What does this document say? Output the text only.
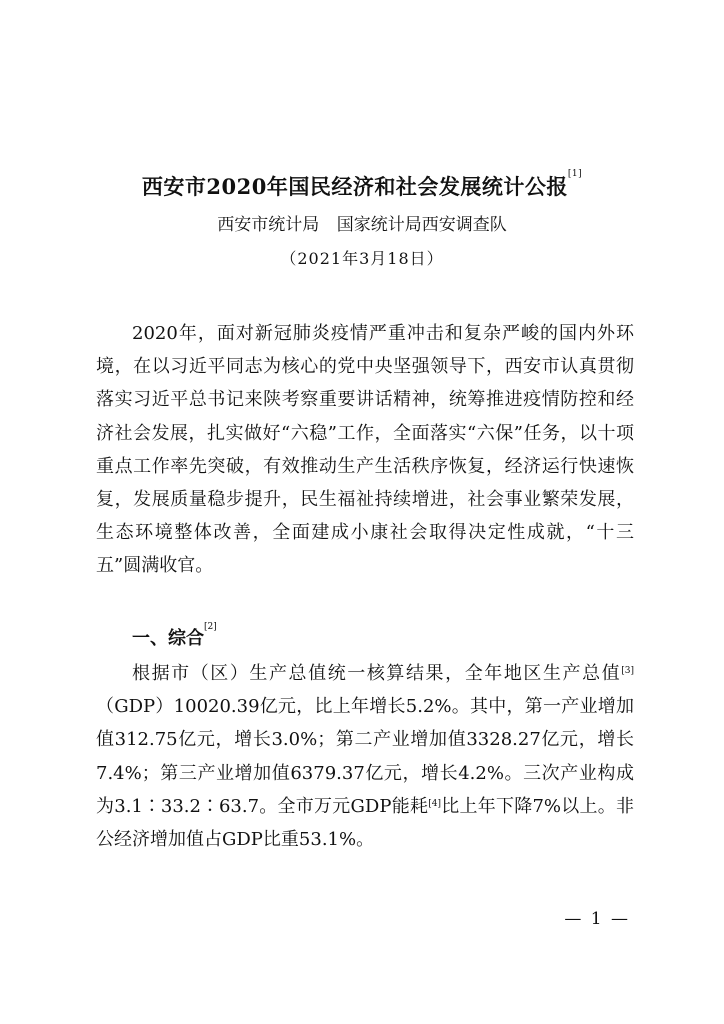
西安市2020年国民经济和社会发展统计公报[1]
西安市统计局 国家统计局西安调查队
（2021年3月18日）

2020年，面对新冠肺炎疫情严重冲击和复杂严峻的国内外环境，在以习近平同志为核心的党中央坚强领导下，西安市认真贯彻落实习近平总书记来陕考察重要讲话精神，统筹推进疫情防控和经济社会发展，扎实做好“六稳”工作，全面落实“六保”任务，以十项重点工作率先突破，有效推动生产生活秩序恢复，经济运行快速恢复，发展质量稳步提升，民生福祉持续增进，社会事业繁荣发展，生态环境整体改善，全面建成小康社会取得决定性成就，“十三五”圆满收官。

一、综合[2]

根据市（区）生产总值统一核算结果，全年地区生产总值[3]（GDP）10020.39亿元，比上年增长5.2%。其中，第一产业增加值312.75亿元，增长3.0%；第二产业增加值3328.27亿元，增长7.4%；第三产业增加值6379.37亿元，增长4.2%。三次产业构成为3.1∶33.2∶63.7。全市万元GDP能耗[4]比上年下降7%以上。非公经济增加值占GDP比重53.1%。

— 1 —
